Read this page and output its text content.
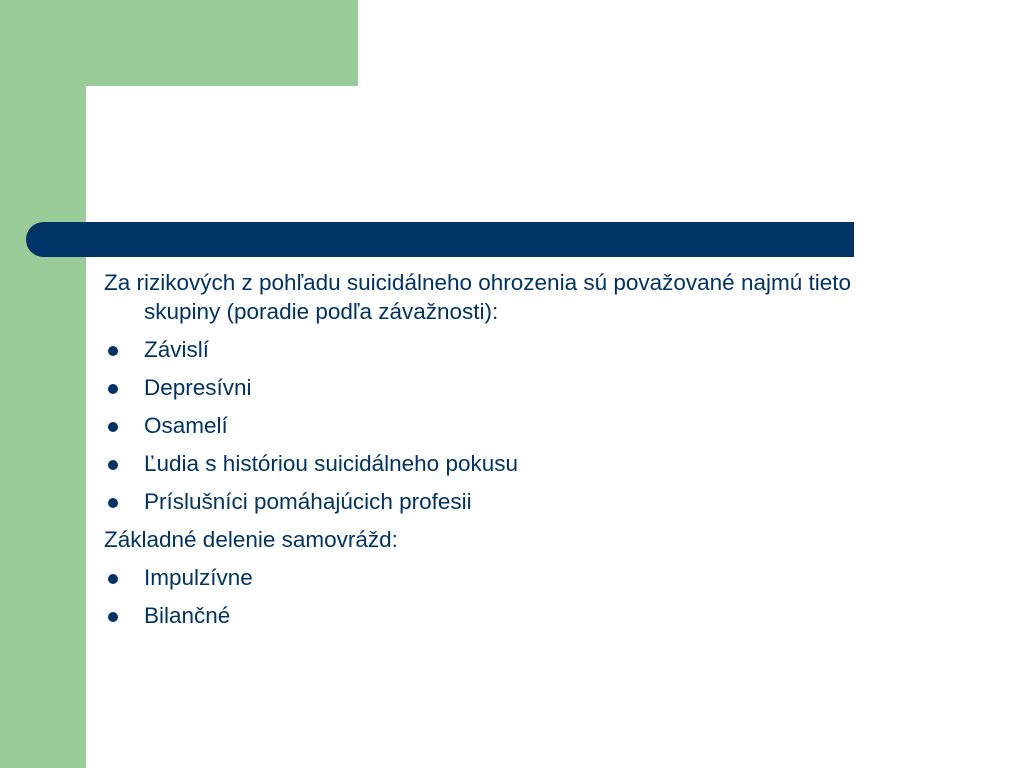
Za rizikových z pohľadu suicidálneho ohrozenia sú považované najmú tieto skupiny (poradie podľa závažnosti):

Závislí
Depresívni
Osamelí
Ľudia s históriou suicidálneho pokusu
Príslušníci pomáhajúcich profesii

Základné delenie samovrážd:

Impulzívne
Bilančné
